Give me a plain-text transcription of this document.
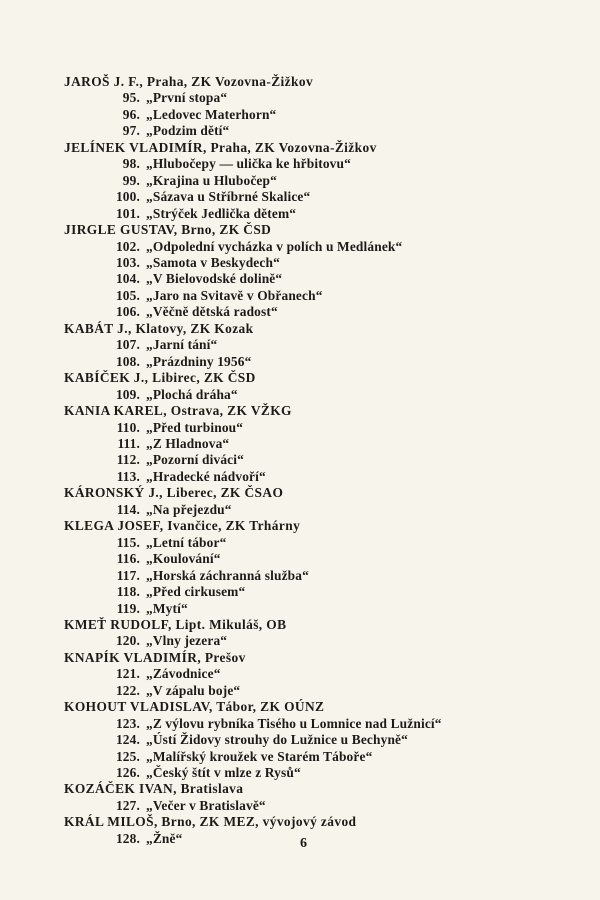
JAROŠ J. F., Praha, ZK Vozovna-Žižkov
95. „První stopa“
96. „Ledovec Materhorn“
97. „Podzim dětí“
JELÍNEK VLADIMÍR, Praha, ZK Vozovna-Žižkov
98. „Hlubočepy — ulička ke hřbitovu“
99. „Krajina u Hlubočep“
100. „Sázava u Stříbrné Skalice“
101. „Strýček Jedlička dětem“
JIRGLE GUSTAV, Brno, ZK ČSD
102. „Odpolední vycházka v polích u Medlánek“
103. „Samota v Beskydech“
104. „V Bielovodské dolině“
105. „Jaro na Svitavě v Obřanech“
106. „Věčně dětská radost“
KABÁT J., Klatovy, ZK Kozak
107. „Jarní tání“
108. „Prázdniny 1956“
KABÍČEK J., Libirec, ZK ČSD
109. „Plochá dráha“
KANIA KAREL, Ostrava, ZK VŽKG
110. „Před turbinou“
111. „Z Hladnova“
112. „Pozorní diváci“
113. „Hradecké nádvoří“
KÁRONSKÝ J., Liberec, ZK ČSAO
114. „Na přejezdu“
KLEGA JOSEF, Ivančice, ZK Trhárny
115. „Letní tábor“
116. „Koulování“
117. „Horská záchranná služba“
118. „Před cirkusem“
119. „Mytí“
KMEŤ RUDOLF, Lipt. Mikuláš, OB
120. „Vlny jezera“
KNAPÍK VLADIMÍR, Prešov
121. „Závodnice“
122. „V zápalu boje“
KOHOUT VLADISLAV, Tábor, ZK OÚNZ
123. „Z výlovu rybníka Tisého u Lomnice nad Lužnicí“
124. „Ústí Židovy strouhy do Lužnice u Bechyně“
125. „Malířský kroužek ve Starém Táboře“
126. „Český štít v mlze z Rysů“
KOZÁČEK IVAN, Bratislava
127. „Večer v Bratislavě“
KRÁL MILOŠ, Brno, ZK MEZ, vývojový závod
128. „Žně“	6
